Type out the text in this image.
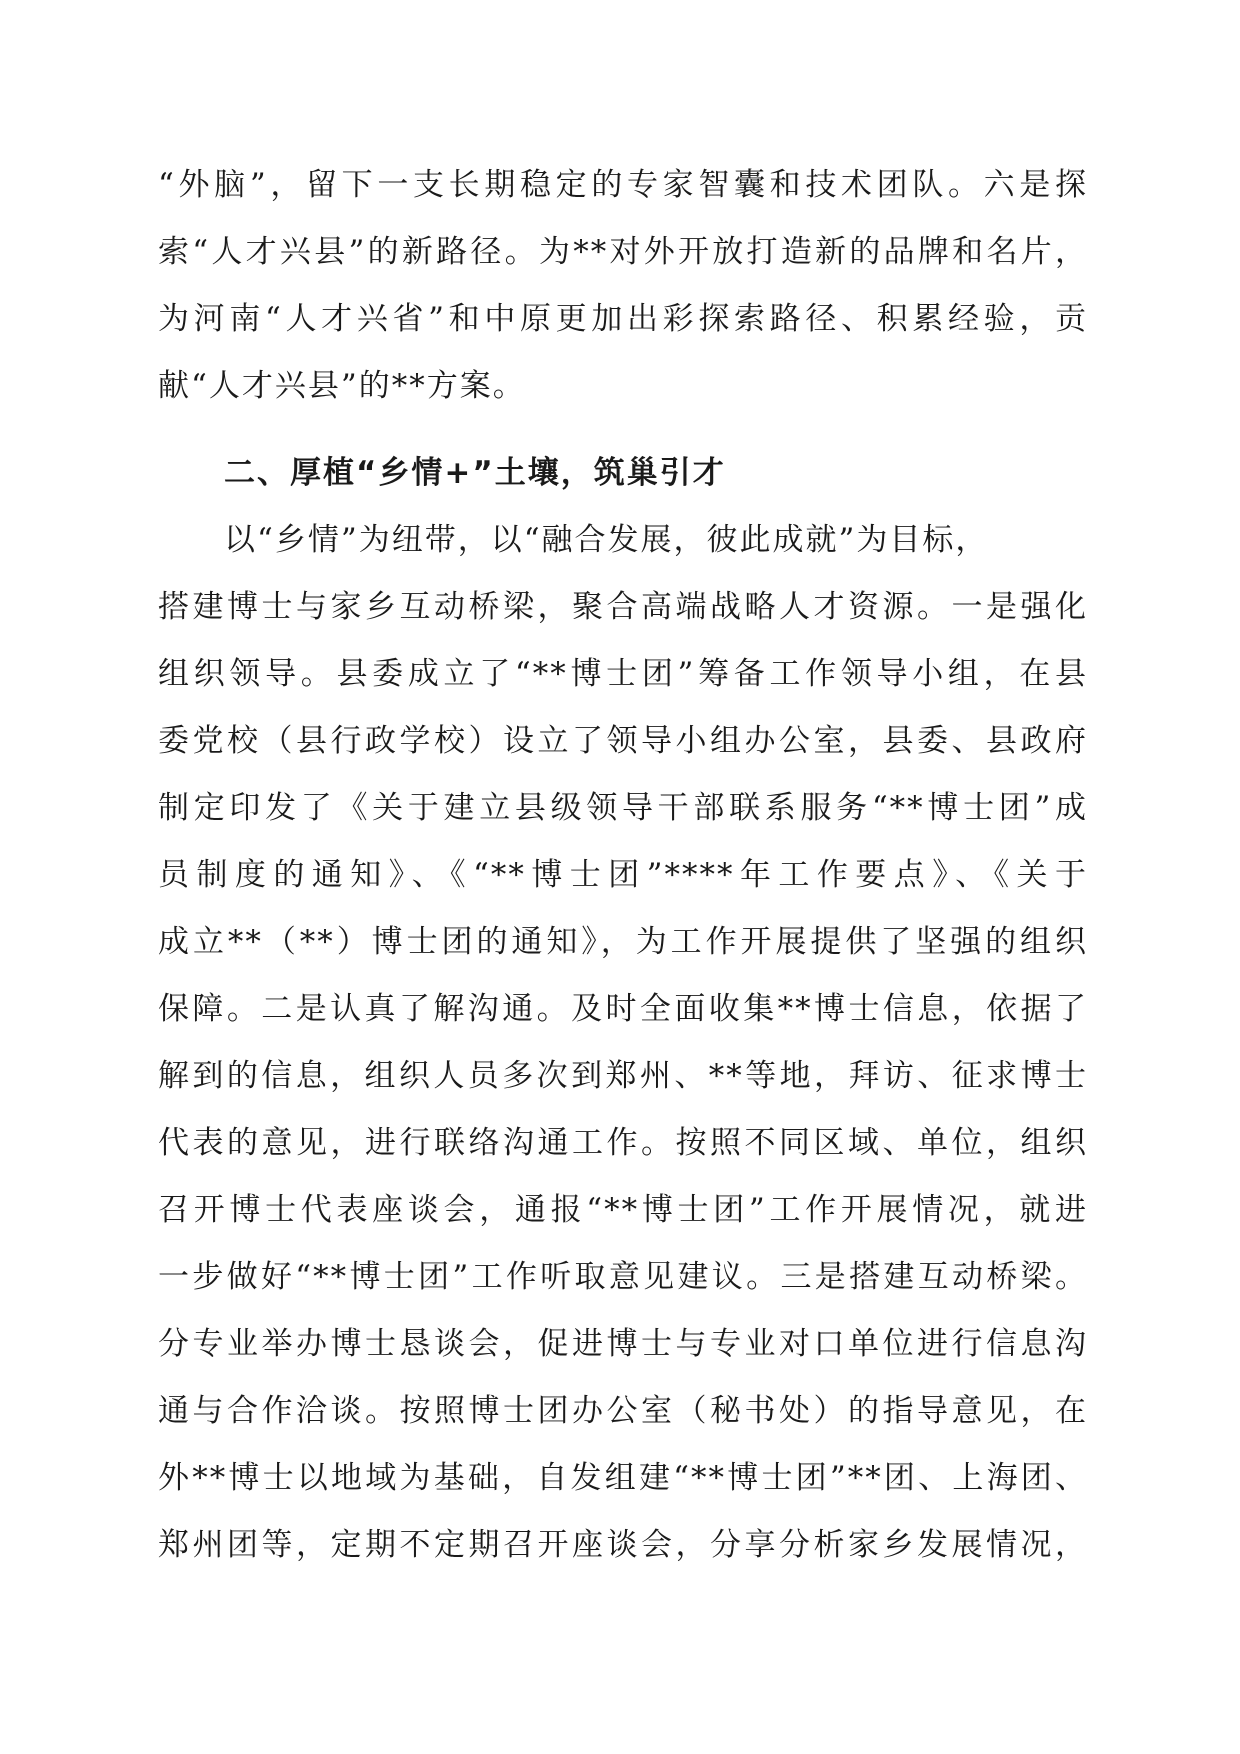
“外脑”，留下一支长期稳定的专家智囊和技术团队。六是探
索“人才兴县”的新路径。为**对外开放打造新的品牌和名片，
为河南“人才兴省”和中原更加出彩探索路径、积累经验，贡
献“人才兴县”的**方案。
二、厚植“乡情+”土壤，筑巢引才
以“乡情”为纽带，以“融合发展，彼此成就”为目标，
搭建博士与家乡互动桥梁，聚合高端战略人才资源。一是强化
组织领导。县委成立了“**博士团”筹备工作领导小组，在县
委党校（县行政学校）设立了领导小组办公室，县委、县政府
制定印发了《关于建立县级领导干部联系服务“**博士团”成
员制度的通知》、《“**博士团”****年工作要点》、《关于
成立**（**）博士团的通知》，为工作开展提供了坚强的组织
保障。二是认真了解沟通。及时全面收集**博士信息，依据了
解到的信息，组织人员多次到郑州、**等地，拜访、征求博士
代表的意见，进行联络沟通工作。按照不同区域、单位，组织
召开博士代表座谈会，通报“**博士团”工作开展情况，就进
一步做好“**博士团”工作听取意见建议。三是搭建互动桥梁。
分专业举办博士恳谈会，促进博士与专业对口单位进行信息沟
通与合作洽谈。按照博士团办公室（秘书处）的指导意见，在
外**博士以地域为基础，自发组建“**博士团”**团、上海团、
郑州团等，定期不定期召开座谈会，分享分析家乡发展情况，
